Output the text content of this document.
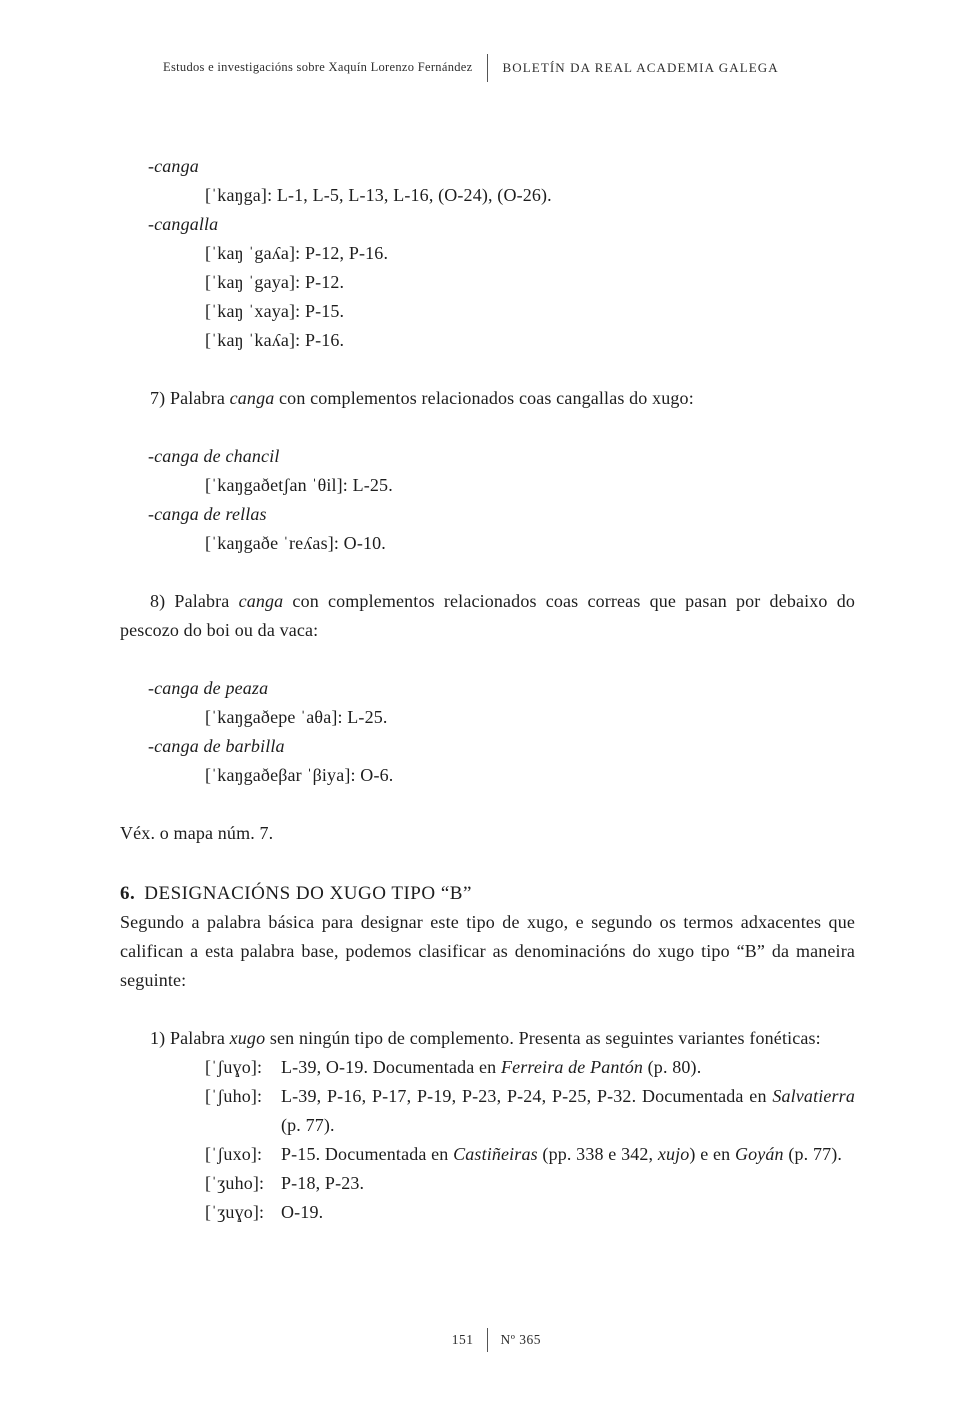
Estudos e investigacións sobre Xaquín Lorenzo Fernández	BOLETÍN DA REAL ACADEMIA GALEGA
-canga
[ˈkaŋga]: L-1, L-5, L-13, L-16, (O-24), (O-26).
-cangalla
[ˈkaŋ ˈgaʎa]: P-12, P-16.
[ˈkaŋ ˈgaya]: P-12.
[ˈkaŋ ˈxaya]: P-15.
[ˈkaŋ ˈkaʎa]: P-16.

7) Palabra canga con complementos relacionados coas cangallas do xugo:

-canga de chancil
[ˈkaŋgaðetʃan ˈθil]: L-25.
-canga de rellas
[ˈkaŋgaðe ˈreʎas]: O-10.

8) Palabra canga con complementos relacionados coas correas que pasan por debaixo do pescozo do boi ou da vaca:

-canga de peaza
[ˈkaŋgaðepe ˈaθa]: L-25.
-canga de barbilla
[ˈkaŋgaðeβar ˈβiya]: O-6.

Véx. o mapa núm. 7.

6. DESIGNACIÓNS DO XUGO TIPO “B”

Segundo a palabra básica para designar este tipo de xugo, e segundo os termos adxacentes que califican a esta palabra base, podemos clasificar as denominacións do xugo tipo “B” da maneira seguinte:

1) Palabra xugo sen ningún tipo de complemento. Presenta as seguintes variantes fonéticas:

[ˈʃuɣo]:	L-39, O-19. Documentada en Ferreira de Pantón (p. 80).
[ˈʃuho]:	L-39, P-16, P-17, P-19, P-23, P-24, P-25, P-32. Documentada en Salvatierra (p. 77).
[ˈʃuxo]:	P-15. Documentada en Castiñeiras (pp. 338 e 342, xujo) e en Goyán (p. 77).
[ˈʒuho]: P-18, P-23.
[ˈʒuɣo]: O-19.
151	Nº 365
